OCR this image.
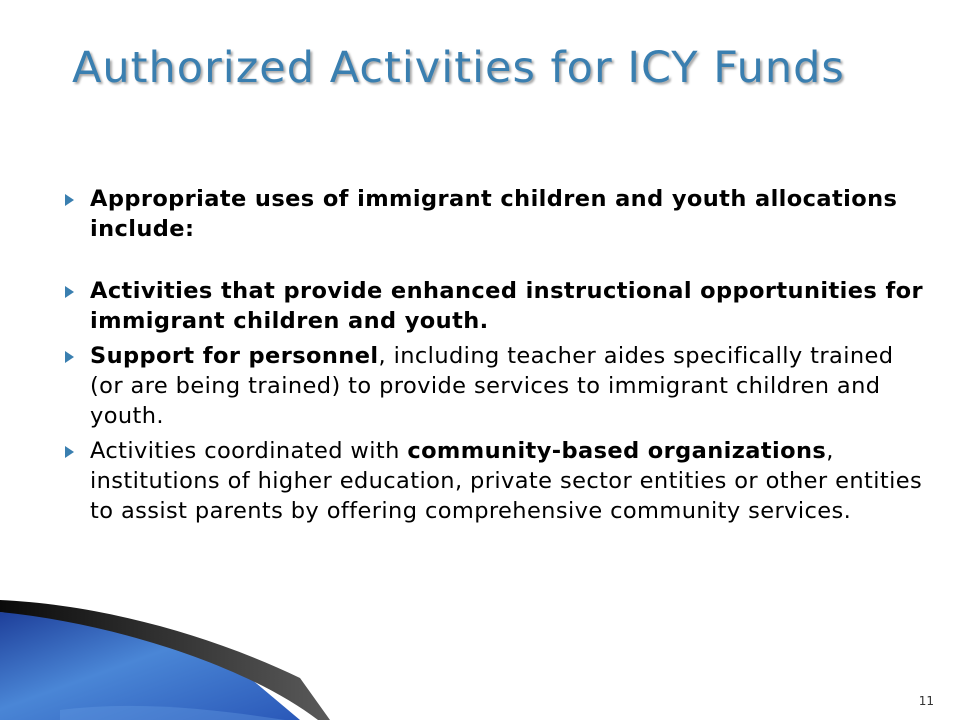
Authorized Activities for ICY Funds
Appropriate uses of immigrant children and youth allocations include:
Activities that provide enhanced instructional opportunities for immigrant children and youth.
Support for personnel, including teacher aides specifically trained (or are being trained) to provide services to immigrant children and youth.
Activities coordinated with community-based organizations, institutions of higher education, private sector entities or other entities to assist parents by offering comprehensive community services.
11
